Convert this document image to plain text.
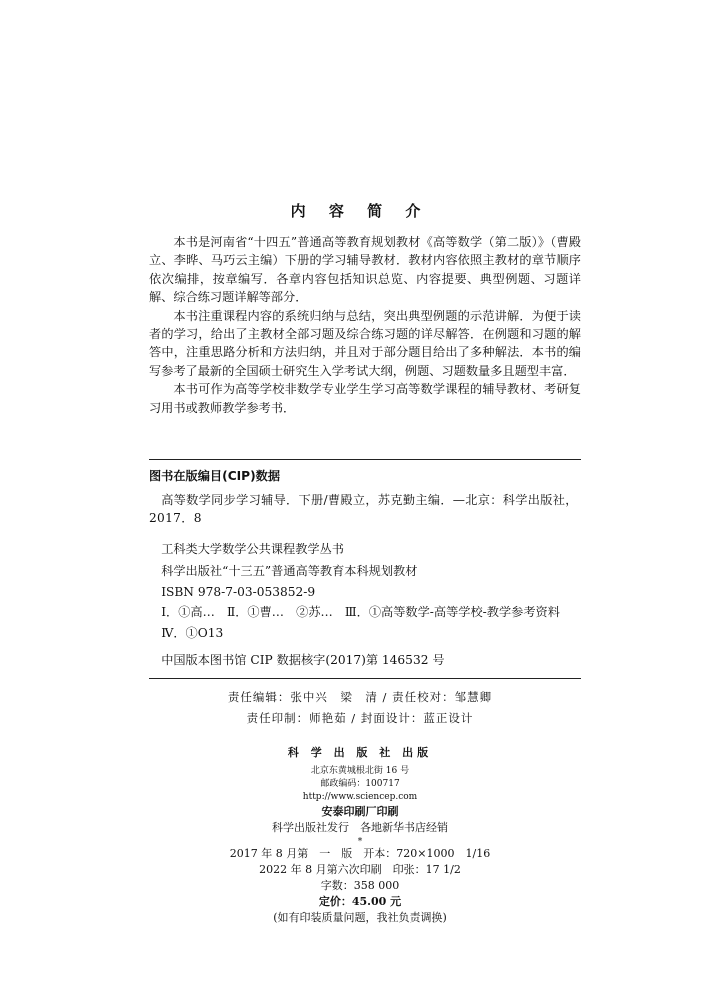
内 容 简 介

本书是河南省“十四五”普通高等教育规划教材《高等数学（第二版）》（曹殿立、李晔、马巧云主编）下册的学习辅导教材．教材内容依照主教材的章节顺序依次编排，按章编写．各章内容包括知识总览、内容提要、典型例题、习题详解、综合练习题详解等部分．

本书注重课程内容的系统归纳与总结，突出典型例题的示范讲解．为便于读者的学习，给出了主教材全部习题及综合练习题的详尽解答．在例题和习题的解答中，注重思路分析和方法归纳，并且对于部分题目给出了多种解法．本书的编写参考了最新的全国硕士研究生入学考试大纲，例题、习题数量多且题型丰富．

本书可作为高等学校非数学专业学生学习高等数学课程的辅导教材、考研复习用书或教师教学参考书．

图书在版编目(CIP)数据
高等数学同步学习辅导．下册/曹殿立，苏克勤主编．—北京：科学出版社，2017．8
工科类大学数学公共课程教学丛书
科学出版社“十三五”普通高等教育本科规划教材
ISBN 978-7-03-053852-9
Ⅰ．①高…　Ⅱ．①曹…　②苏…　Ⅲ．①高等数学-高等学校-教学参考资料
Ⅳ．①O13
中国版本图书馆 CIP 数据核字(2017)第 146532 号
责任编辑：张中兴　梁　清 / 责任校对：邹慧卿
责任印制：师艳茹 / 封面设计：蓝正设计
科 学 出 版 社 出版
北京东黄城根北街 16 号
邮政编码：100717
http://www.sciencep.com
安泰印刷厂印刷
科学出版社发行　各地新华书店经销
*
2017 年 8 月第　一　版　开本：720×1000　1/16
2022 年 8 月第六次印刷　印张：17 1/2
字数：358 000
定价：45.00 元
(如有印装质量问题，我社负责调换)
